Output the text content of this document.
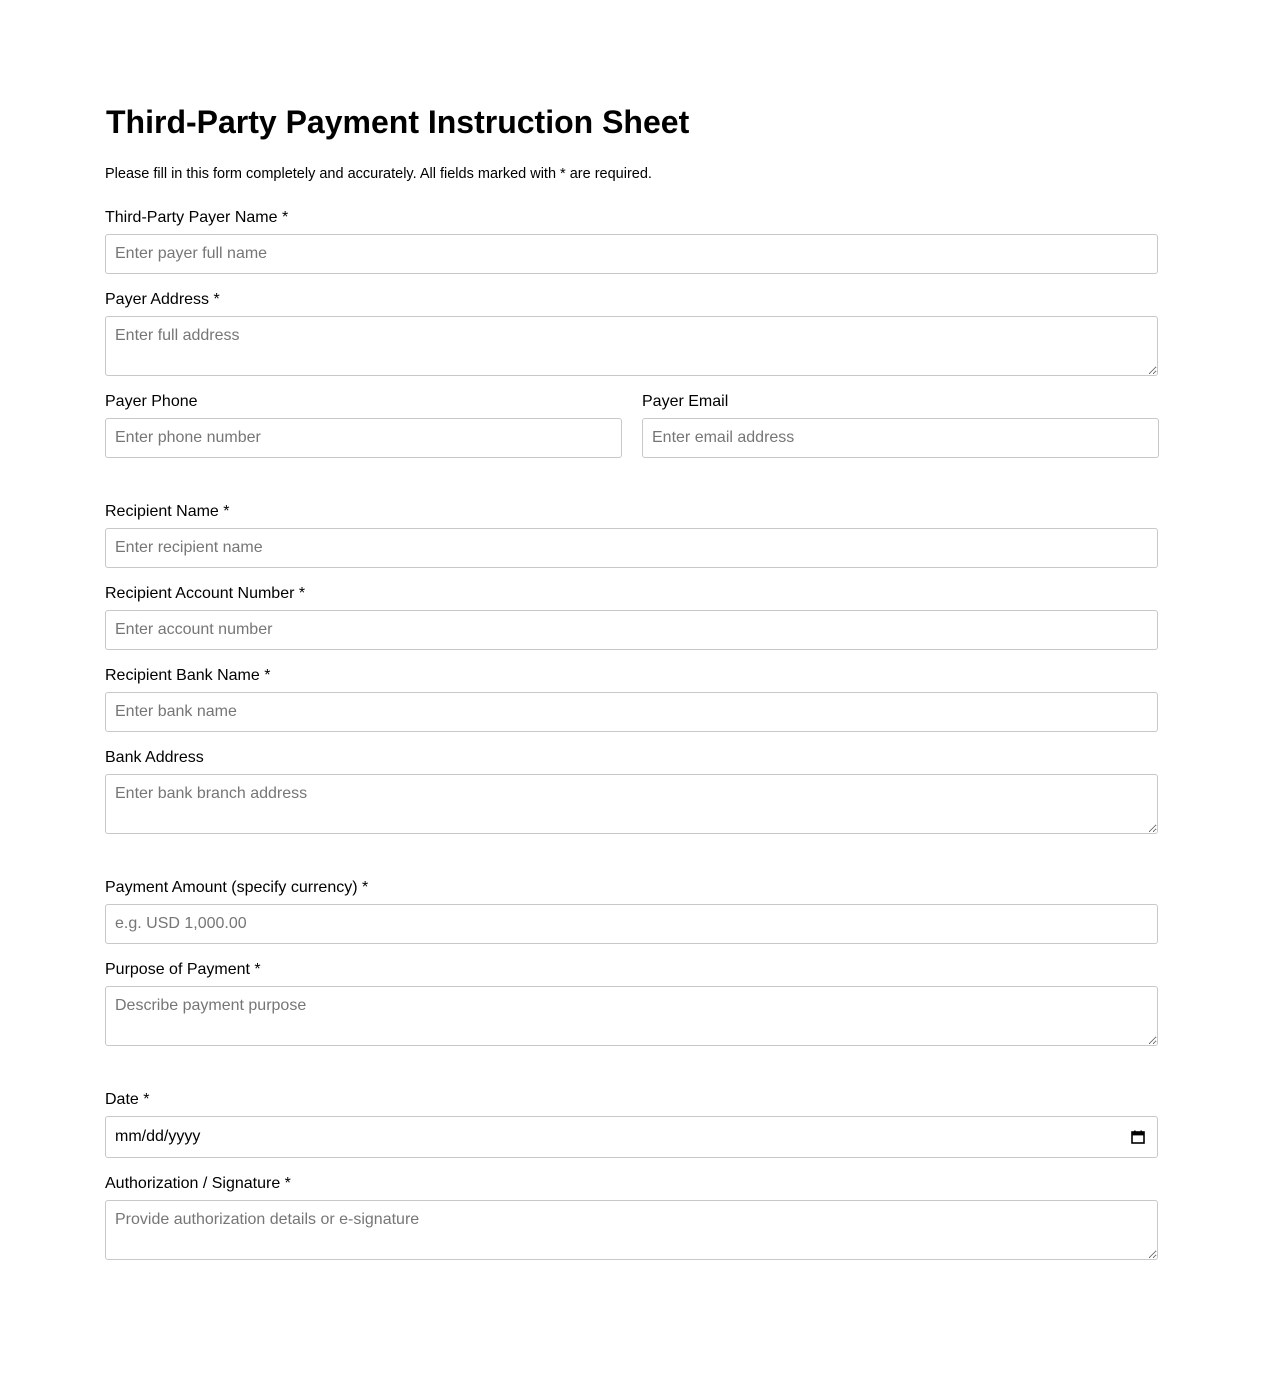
Third-Party Payment Instruction Sheet

Please fill in this form completely and accurately. All fields marked with * are required.

Third-Party Payer Name *
Enter payer full name
Payer Address *
Enter full address
Payer Phone
Enter phone number	Payer Email
Enter email address
Recipient Name *
Enter recipient name
Recipient Account Number *
Enter account number
Recipient Bank Name *
Enter bank name
Bank Address
Enter bank branch address
Payment Amount (specify currency) *
e.g. USD 1,000.00
Purpose of Payment *
Describe payment purpose
Date *
mm/dd/yyyy
Authorization / Signature *
Provide authorization details or e-signature
